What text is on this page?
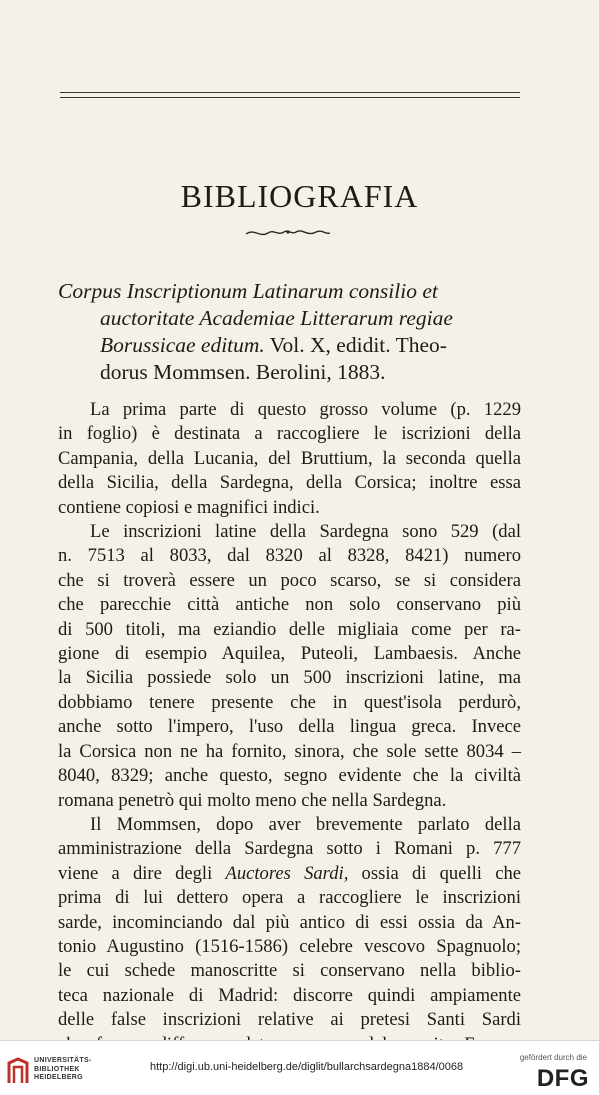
BIBLIOGRAFIA
Corpus Inscriptionum Latinarum consilio et
auctoritate Academiae Litterarum regiae
Borussicae editum. Vol. X, edidit. Theo-
dorus Mommsen. Berolini, 1883.

La prima parte di questo grosso volume (p. 1229
in foglio) è destinata a raccogliere le iscrizioni della
Campania, della Lucania, del Bruttium, la seconda quella
della Sicilia, della Sardegna, della Corsica; inoltre essa
contiene copiosi e magnifici indici.

Le inscrizioni latine della Sardegna sono 529 (dal
n. 7513 al 8033, dal 8320 al 8328, 8421) numero
che si troverà essere un poco scarso, se si considera
che parecchie città antiche non solo conservano più
di 500 titoli, ma eziandio delle migliaia come per ra-
gione di esempio Aquilea, Puteoli, Lambaesis. Anche
la Sicilia possiede solo un 500 inscrizioni latine, ma
dobbiamo tenere presente che in quest'isola perdurò,
anche sotto l'impero, l'uso della lingua greca. Invece
la Corsica non ne ha fornito, sinora, che sole sette 8034 –
8040, 8329; anche questo, segno evidente che la civiltà
romana penetrò qui molto meno che nella Sardegna.

Il Mommsen, dopo aver brevemente parlato della
amministrazione della Sardegna sotto i Romani p. 777
viene a dire degli Auctores Sardi, ossia di quelli che
prima di lui dettero opera a raccogliere le inscrizioni
sarde, incominciando dal più antico di essi ossia da An-
tonio Augustino (1516-1586) celebre vescovo Spagnuolo;
le cui schede manoscritte si conservano nella biblio-
teca nazionale di Madrid: discorre quindi ampiamente
delle false inscrizioni relative ai pretesi Santi Sardi

UNIVERSITÄTS-
BIBLIOTHEK
HEIDELBERG
http://digi.ub.uni-heidelberg.de/diglit/bullarchsardegna1884/0068
gefördert durch die
DFG
